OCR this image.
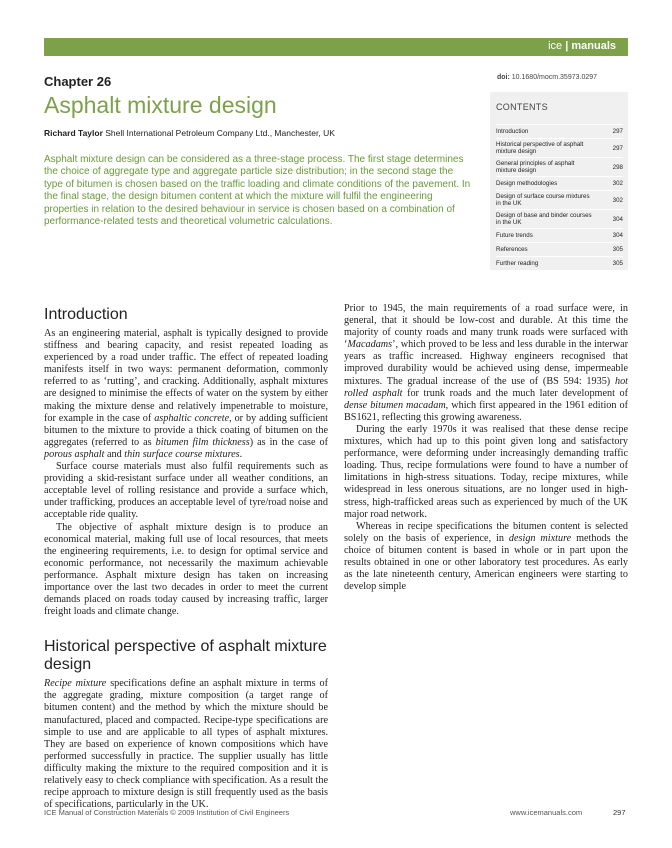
ice | manuals
Chapter 26	doi: 10.1680/mocm.35973.0297
Asphalt mixture design
Richard Taylor Shell International Petroleum Company Ltd., Manchester, UK
Asphalt mixture design can be considered as a three-stage process. The first stage determines the choice of aggregate type and aggregate particle size distribution; in the second stage the type of bitumen is chosen based on the traffic loading and climate conditions of the pavement. In the final stage, the design bitumen content at which the mixture will fulfil the engineering properties in relation to the desired behaviour in service is chosen based on a combination of performance-related tests and theoretical volumetric calculations.
CONTENTS
Introduction	297
Historical perspective of asphalt mixture design	297
General principles of asphalt mixture design	298
Design methodologies	302
Design of surface course mixtures in the UK	302
Design of base and binder courses in the UK	304
Future trends	304
References	305
Further reading	305
Introduction

As an engineering material, asphalt is typically designed to provide stiffness and bearing capacity, and resist repeated loading as experienced by a road under traffic. The effect of repeated loading manifests itself in two ways: permanent deformation, commonly referred to as ‘rutting’, and cracking. Additionally, asphalt mixtures are designed to minimise the effects of water on the system by either making the mixture dense and relatively impenetrable to moisture, for example in the case of asphaltic concrete, or by adding sufficient bitumen to the mixture to provide a thick coating of bitumen on the aggregates (referred to as bitumen film thickness) as in the case of porous asphalt and thin surface course mixtures.

Surface course materials must also fulfil requirements such as providing a skid-resistant surface under all weather conditions, an acceptable level of rolling resistance and provide a surface which, under trafficking, produces an acceptable level of tyre/road noise and acceptable ride quality.

The objective of asphalt mixture design is to produce an economical material, making full use of local resources, that meets the engineering requirements, i.e. to design for optimal service and economic performance, not necessarily the maximum achievable performance. Asphalt mixture design has taken on increasing importance over the last two decades in order to meet the current demands placed on roads today caused by increasing traffic, larger freight loads and climate change.

Historical perspective of asphalt mixture design

Recipe mixture specifications define an asphalt mixture in terms of the aggregate grading, mixture composition (a target range of bitumen content) and the method by which the mixture should be manufactured, placed and compacted. Recipe-type specifications are simple to use and are applicable to all types of asphalt mixtures. They are based on experience of known compositions which have performed successfully in practice. The supplier usually has little difficulty making the mixture to the required composition and it is relatively easy to check compliance with specification. As a result the recipe approach to mixture design is still frequently used as the basis of specifications, particularly in the UK.

Prior to 1945, the main requirements of a road surface were, in general, that it should be low-cost and durable. At this time the majority of county roads and many trunk roads were surfaced with ‘Macadams’, which proved to be less and less durable in the interwar years as traffic increased. Highway engineers recognised that improved durability would be achieved using dense, impermeable mixtures. The gradual increase of the use of (BS 594: 1935) hot rolled asphalt for trunk roads and the much later development of dense bitumen macadam, which first appeared in the 1961 edition of BS1621, reflecting this growing awareness.

During the early 1970s it was realised that these dense recipe mixtures, which had up to this point given long and satisfactory performance, were deforming under increasingly demanding traffic loading. Thus, recipe formulations were found to have a number of limitations in high-stress situations. Today, recipe mixtures, while widespread in less onerous situations, are no longer used in high-stress, high-trafficked areas such as experienced by much of the UK major road network.

Whereas in recipe specifications the bitumen content is selected solely on the basis of experience, in design mixture methods the choice of bitumen content is based in whole or in part upon the results obtained in one or other laboratory test procedures. As early as the late nineteenth century, American engineers were starting to develop simple

ICE Manual of Construction Materials © 2009 Institution of Civil Engineers	www.icemanuals.com	297
